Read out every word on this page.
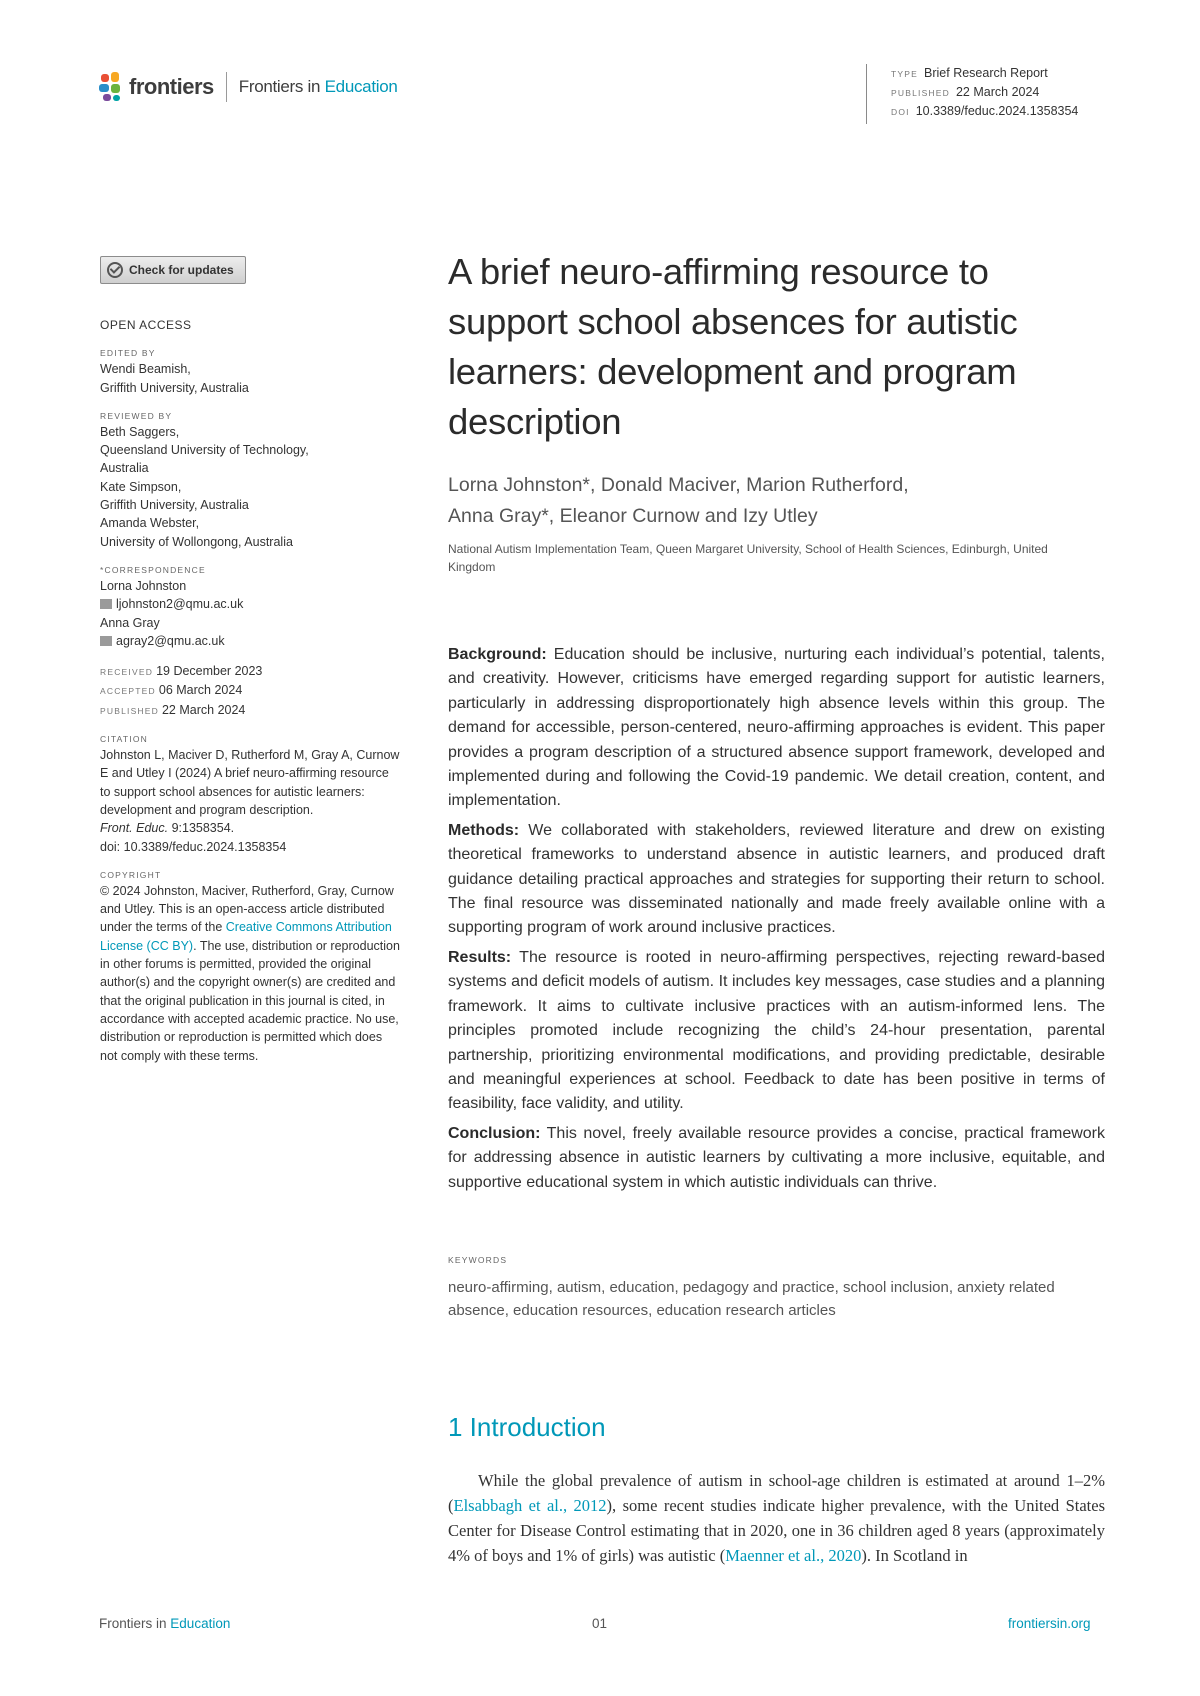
frontiers Frontiers in Education
TYPE Brief Research Report
PUBLISHED 22 March 2024
DOI 10.3389/feduc.2024.1358354
Check for updates
OPEN ACCESS
EDITED BY
Wendi Beamish,
Griffith University, Australia
REVIEWED BY
Beth Saggers,
Queensland University of Technology,
Australia
Kate Simpson,
Griffith University, Australia
Amanda Webster,
University of Wollongong, Australia
*CORRESPONDENCE
Lorna Johnston
ljohnston2@qmu.ac.uk
Anna Gray
agray2@qmu.ac.uk
RECEIVED 19 December 2023
ACCEPTED 06 March 2024
PUBLISHED 22 March 2024
CITATION
Johnston L, Maciver D, Rutherford M, Gray A, Curnow E and Utley I (2024) A brief neuro-affirming resource to support school absences for autistic learners: development and program description.
Front. Educ. 9:1358354.
doi: 10.3389/feduc.2024.1358354
COPYRIGHT
© 2024 Johnston, Maciver, Rutherford, Gray, Curnow and Utley. This is an open-access article distributed under the terms of the Creative Commons Attribution License (CC BY). The use, distribution or reproduction in other forums is permitted, provided the original author(s) and the copyright owner(s) are credited and that the original publication in this journal is cited, in accordance with accepted academic practice. No use, distribution or reproduction is permitted which does not comply with these terms.
A brief neuro-affirming resource to support school absences for autistic learners: development and program description
Lorna Johnston*, Donald Maciver, Marion Rutherford,
Anna Gray*, Eleanor Curnow and Izy Utley
National Autism Implementation Team, Queen Margaret University, School of Health Sciences, Edinburgh, United Kingdom

Background: Education should be inclusive, nurturing each individual’s potential, talents, and creativity. However, criticisms have emerged regarding support for autistic learners, particularly in addressing disproportionately high absence levels within this group. The demand for accessible, person-centered, neuro-affirming approaches is evident. This paper provides a program description of a structured absence support framework, developed and implemented during and following the Covid-19 pandemic. We detail creation, content, and implementation.

Methods: We collaborated with stakeholders, reviewed literature and drew on existing theoretical frameworks to understand absence in autistic learners, and produced draft guidance detailing practical approaches and strategies for supporting their return to school. The final resource was disseminated nationally and made freely available online with a supporting program of work around inclusive practices.

Results: The resource is rooted in neuro-affirming perspectives, rejecting reward-based systems and deficit models of autism. It includes key messages, case studies and a planning framework. It aims to cultivate inclusive practices with an autism-informed lens. The principles promoted include recognizing the child’s 24-hour presentation, parental partnership, prioritizing environmental modifications, and providing predictable, desirable and meaningful experiences at school. Feedback to date has been positive in terms of feasibility, face validity, and utility.

Conclusion: This novel, freely available resource provides a concise, practical framework for addressing absence in autistic learners by cultivating a more inclusive, equitable, and supportive educational system in which autistic individuals can thrive.

KEYWORDS
neuro-affirming, autism, education, pedagogy and practice, school inclusion, anxiety related absence, education resources, education research articles
1 Introduction

While the global prevalence of autism in school-age children is estimated at around 1–2% (Elsabbagh et al., 2012), some recent studies indicate higher prevalence, with the United States Center for Disease Control estimating that in 2020, one in 36 children aged 8 years (approximately 4% of boys and 1% of girls) was autistic (Maenner et al., 2020). In Scotland in

Frontiers in Education	01	frontiersin.org
